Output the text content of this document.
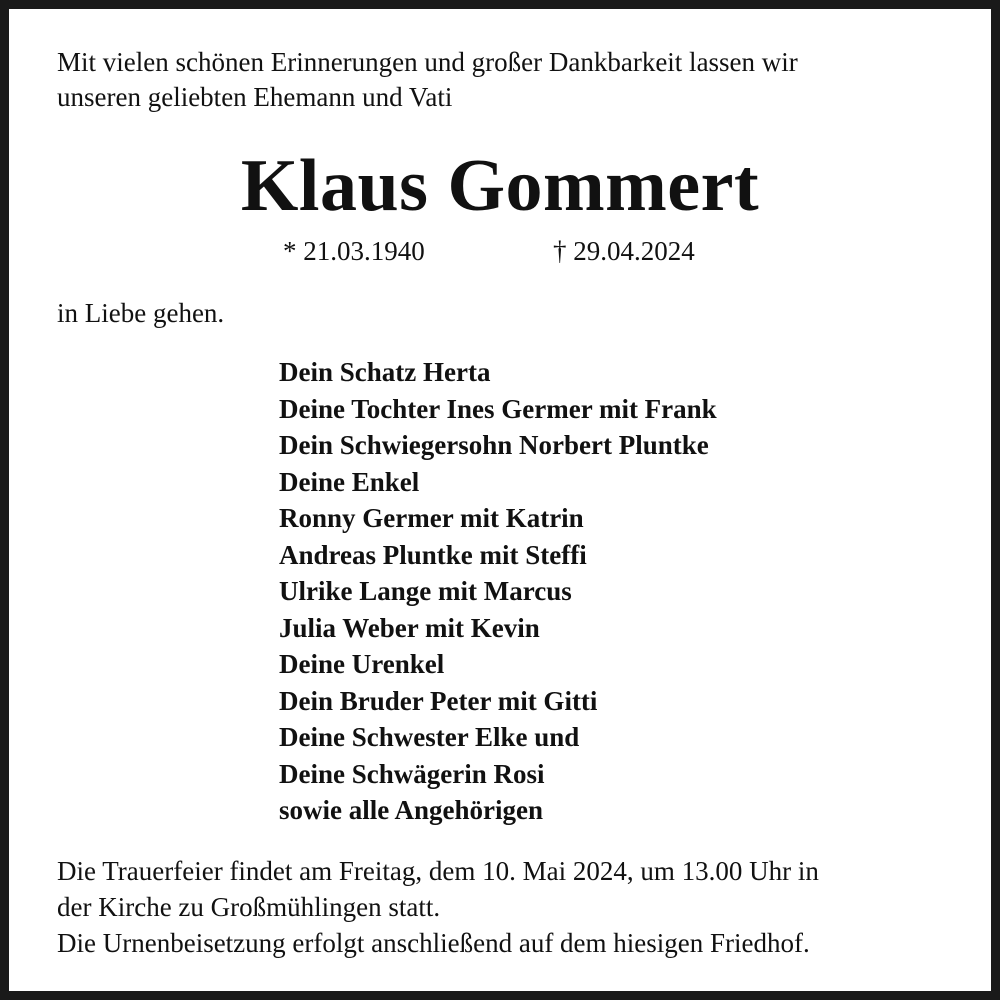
Mit vielen schönen Erinnerungen und großer Dankbarkeit lassen wir
unseren geliebten Ehemann und Vati

Klaus Gommert
* 21.03.1940	† 29.04.2024
in Liebe gehen.
Dein Schatz Herta
Deine Tochter Ines Germer mit Frank
Dein Schwiegersohn Norbert Pluntke
Deine Enkel
Ronny Germer mit Katrin
Andreas Pluntke mit Steffi
Ulrike Lange mit Marcus
Julia Weber mit Kevin
Deine Urenkel
Dein Bruder Peter mit Gitti
Deine Schwester Elke und
Deine Schwägerin Rosi
sowie alle Angehörigen

Die Trauerfeier findet am Freitag, dem 10. Mai 2024, um 13.00 Uhr in
der Kirche zu Großmühlingen statt.
Die Urnenbeisetzung erfolgt anschließend auf dem hiesigen Friedhof.
